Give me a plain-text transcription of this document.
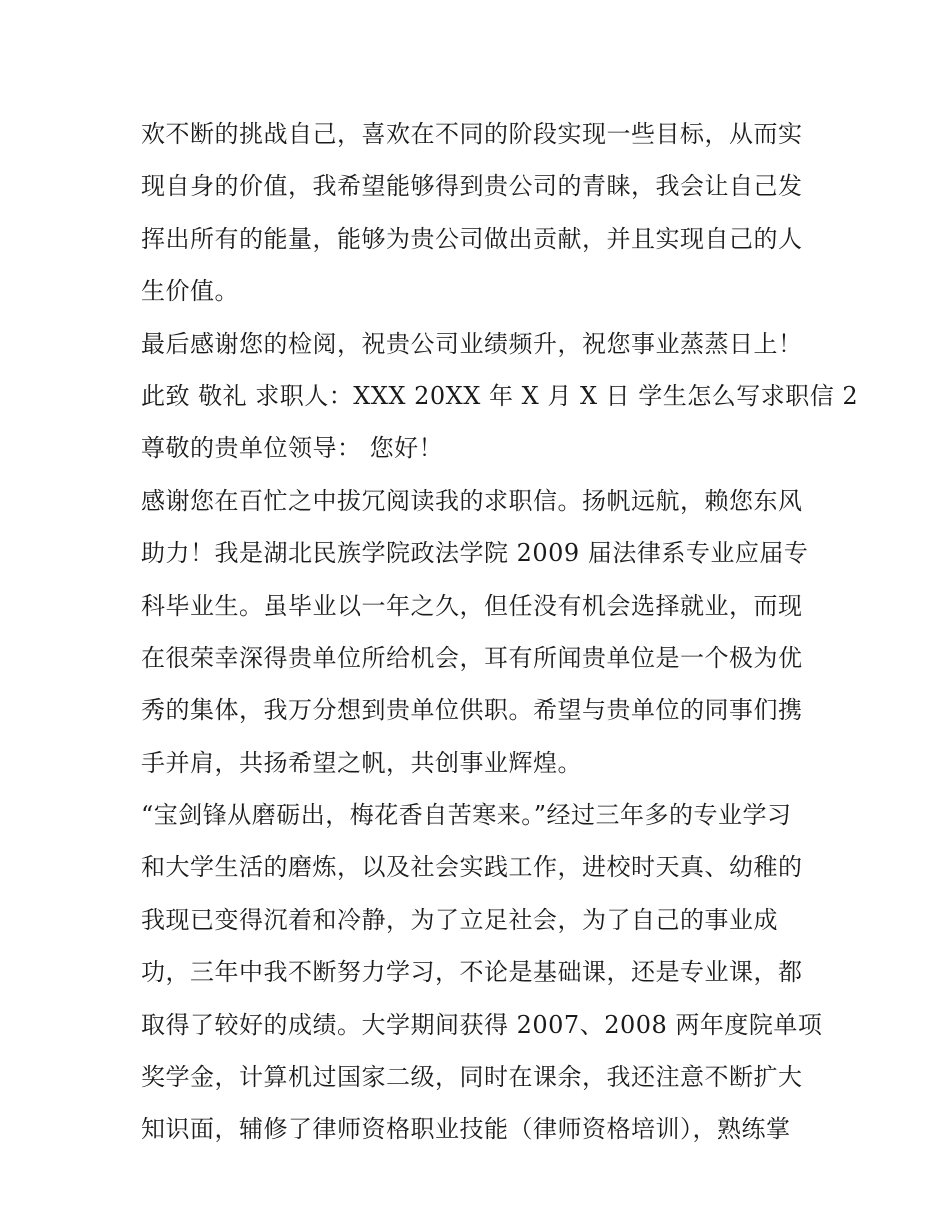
欢不断的挑战自己，喜欢在不同的阶段实现一些目标，从而实
现自身的价值，我希望能够得到贵公司的青睐，我会让自己发
挥出所有的能量，能够为贵公司做出贡献，并且实现自己的人
生价值。
最后感谢您的检阅，祝贵公司业绩频升，祝您事业蒸蒸日上！
此致 敬礼 求职人：XXX 20XX 年 X 月 X 日 学生怎么写求职信 2
尊敬的贵单位领导： 您好！
感谢您在百忙之中拔冗阅读我的求职信。扬帆远航，赖您东风
助力！我是湖北民族学院政法学院 2009 届法律系专业应届专
科毕业生。虽毕业以一年之久，但任没有机会选择就业，而现
在很荣幸深得贵单位所给机会，耳有所闻贵单位是一个极为优
秀的集体，我万分想到贵单位供职。希望与贵单位的同事们携
手并肩，共扬希望之帆，共创事业辉煌。
“宝剑锋从磨砺出，梅花香自苦寒来。”经过三年多的专业学习
和大学生活的磨炼，以及社会实践工作，进校时天真、幼稚的
我现已变得沉着和冷静，为了立足社会，为了自己的事业成
功，三年中我不断努力学习，不论是基础课，还是专业课，都
取得了较好的成绩。大学期间获得 2007、2008 两年度院单项
奖学金，计算机过国家二级，同时在课余，我还注意不断扩大
知识面，辅修了律师资格职业技能（律师资格培训），熟练掌
